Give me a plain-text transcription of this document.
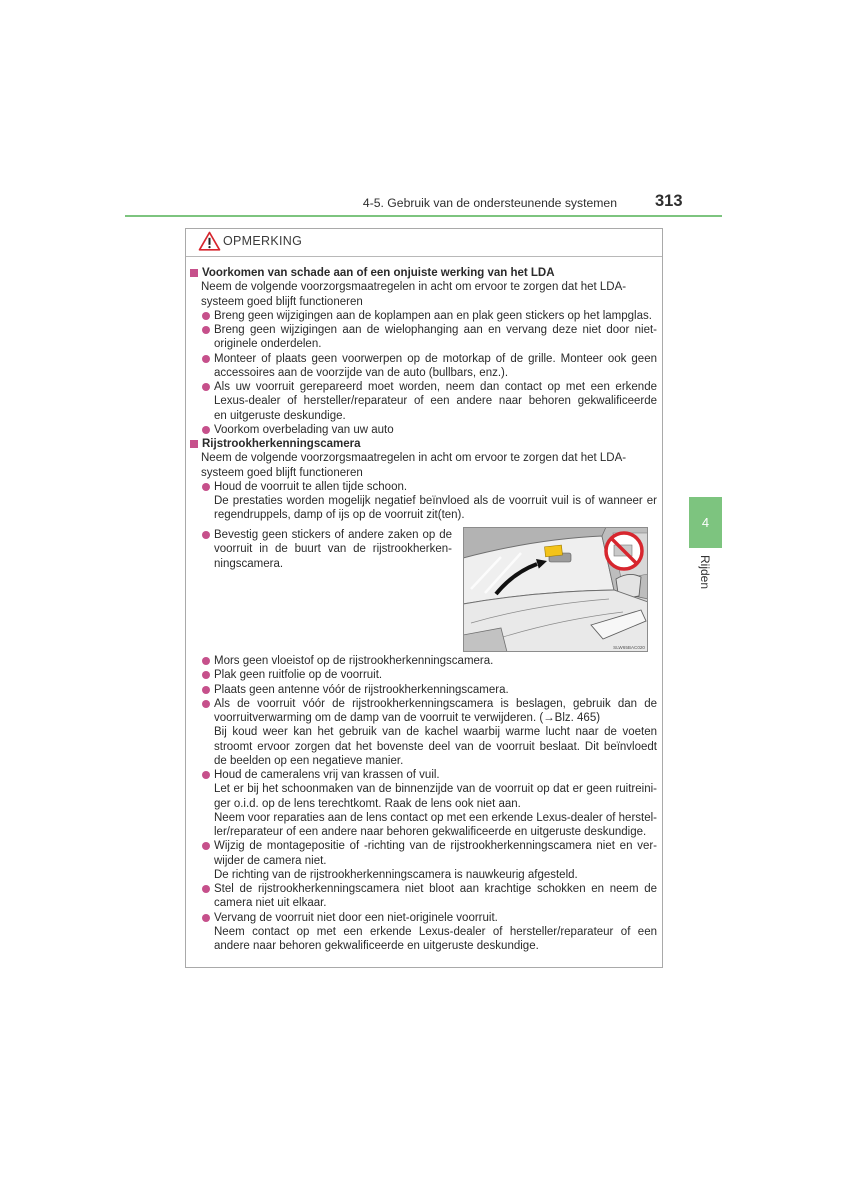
4-5. Gebruik van de ondersteunende systemen 313
4
Rijden
OPMERKING
Voorkomen van schade aan of een onjuiste werking van het LDA
Neem de volgende voorzorgsmaatregelen in acht om ervoor te zorgen dat het LDA-
systeem goed blijft functioneren
Breng geen wijzigingen aan de koplampen aan en plak geen stickers op het lampglas.
Breng geen wijzigingen aan de wielophanging aan en vervang deze niet door niet-
originele onderdelen.
Monteer of plaats geen voorwerpen op de motorkap of de grille. Monteer ook geen
accessoires aan de voorzijde van de auto (bullbars, enz.).
Als uw voorruit gerepareerd moet worden, neem dan contact op met een erkende
Lexus-dealer of hersteller/reparateur of een andere naar behoren gekwalificeerde
en uitgeruste deskundige.
Voorkom overbelading van uw auto
Rijstrookherkenningscamera
Neem de volgende voorzorgsmaatregelen in acht om ervoor te zorgen dat het LDA-
systeem goed blijft functioneren
Houd de voorruit te allen tijde schoon.
De prestaties worden mogelijk negatief beïnvloed als de voorruit vuil is of wanneer er
regendruppels, damp of ijs op de voorruit zit(ten).
Bevestig geen stickers of andere zaken op de
voorruit in de buurt van de rijstrookherken-
ningscamera.
SLW65BAC020
Mors geen vloeistof op de rijstrookherkenningscamera.
Plak geen ruitfolie op de voorruit.
Plaats geen antenne vóór de rijstrookherkenningscamera.
Als de voorruit vóór de rijstrookherkenningscamera is beslagen, gebruik dan de
voorruitverwarming om de damp van de voorruit te verwijderen. (→Blz. 465)
Bij koud weer kan het gebruik van de kachel waarbij warme lucht naar de voeten
stroomt ervoor zorgen dat het bovenste deel van de voorruit beslaat. Dit beïnvloedt
de beelden op een negatieve manier.
Houd de cameralens vrij van krassen of vuil.
Let er bij het schoonmaken van de binnenzijde van de voorruit op dat er geen ruitreini-
ger o.i.d. op de lens terechtkomt. Raak de lens ook niet aan.
Neem voor reparaties aan de lens contact op met een erkende Lexus-dealer of herstel-
ler/reparateur of een andere naar behoren gekwalificeerde en uitgeruste deskundige.
Wijzig de montagepositie of -richting van de rijstrookherkenningscamera niet en ver-
wijder de camera niet.
De richting van de rijstrookherkenningscamera is nauwkeurig afgesteld.
Stel de rijstrookherkenningscamera niet bloot aan krachtige schokken en neem de
camera niet uit elkaar.
Vervang de voorruit niet door een niet-originele voorruit.
Neem contact op met een erkende Lexus-dealer of hersteller/reparateur of een
andere naar behoren gekwalificeerde en uitgeruste deskundige.
